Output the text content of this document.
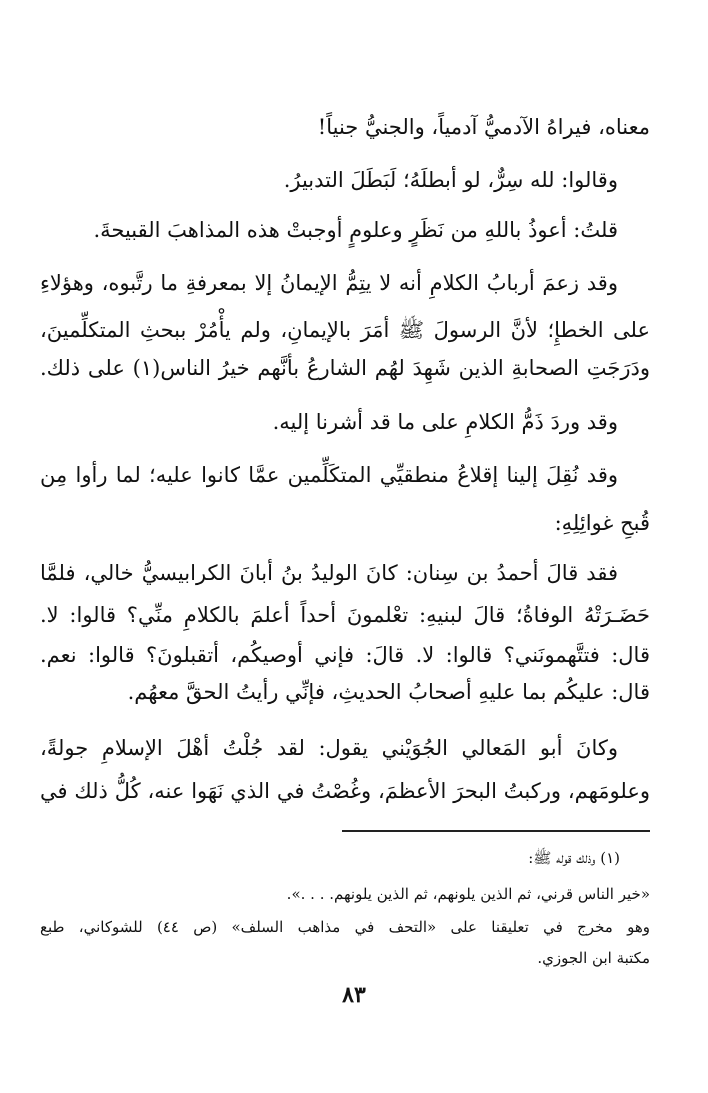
معناه، فيراهُ الآدميُّ آدمياً، والجنيُّ جنياً!
وقالوا: لله سِرٌّ، لو أبطلَهُ؛ لَبَطَلَ التدبيرُ.
قلتُ: أعوذُ باللهِ من نَظَرٍ وعلومٍ أوجبتْ هذه المذاهبَ القبيحةَ.
وقد زعمَ أربابُ الكلامِ أنه لا يتِمُّ الإيمانُ إلا بمعرفةِ ما رتَّبوه، وهؤلاءِ
على الخطإِ؛ لأنَّ الرسولَ ﷺ أمَرَ بالإيمانِ، ولم يأْمُرْ ببحثِ المتكلِّمينَ،
ودَرَجَتِ الصحابةِ الذين شَهِدَ لهُم الشارعُ بأنَّهم خيرُ الناس(١) على ذلك.
وقد وردَ ذَمُّ الكلامِ على ما قد أشرنا إليه.
وقد نُقِلَ إلينا إقلاعُ منطقيِّي المتكَلِّمين عمَّا كانوا عليه؛ لما رأوا مِن
قُبحِ غوائِلِهِ:
فقد قالَ أحمدُ بن سِنان: كانَ الوليدُ بنُ أبانَ الكرابيسيُّ خالي، فلمَّا
حَضَـرَتْهُ الوفاةُ؛ قالَ لبنيهِ: تعْلمونَ أحداً أعلمَ بالكلامِ منِّي؟ قالوا: لا.
قال: فتتَّهمونَني؟ قالوا: لا. قالَ: فإني أوصيكُم، أتقبلونَ؟ قالوا: نعم.
قال: عليكُم بما عليهِ أصحابُ الحديثِ، فإنِّي رأيتُ الحقَّ معهُم.
وكانَ أبو المَعالي الجُوَيْني يقول: لقد جُلْتُ أهْلَ الإسلامِ جولةً،
وعلومَهم، وركبتُ البحرَ الأعظمَ، وغُصْتُ في الذي نَهَوا عنه، كُلُّ ذلك في
(١) وذلك قوله ﷺ:
«خير الناس قرني، ثم الذين يلونهم، ثم الذين يلونهم. . . .».
وهو مخرج في تعليقنا على «التحف في مذاهب السلف» (ص ٤٤) للشوكاني، طبع
مكتبة ابن الجوزي.
٨٣
